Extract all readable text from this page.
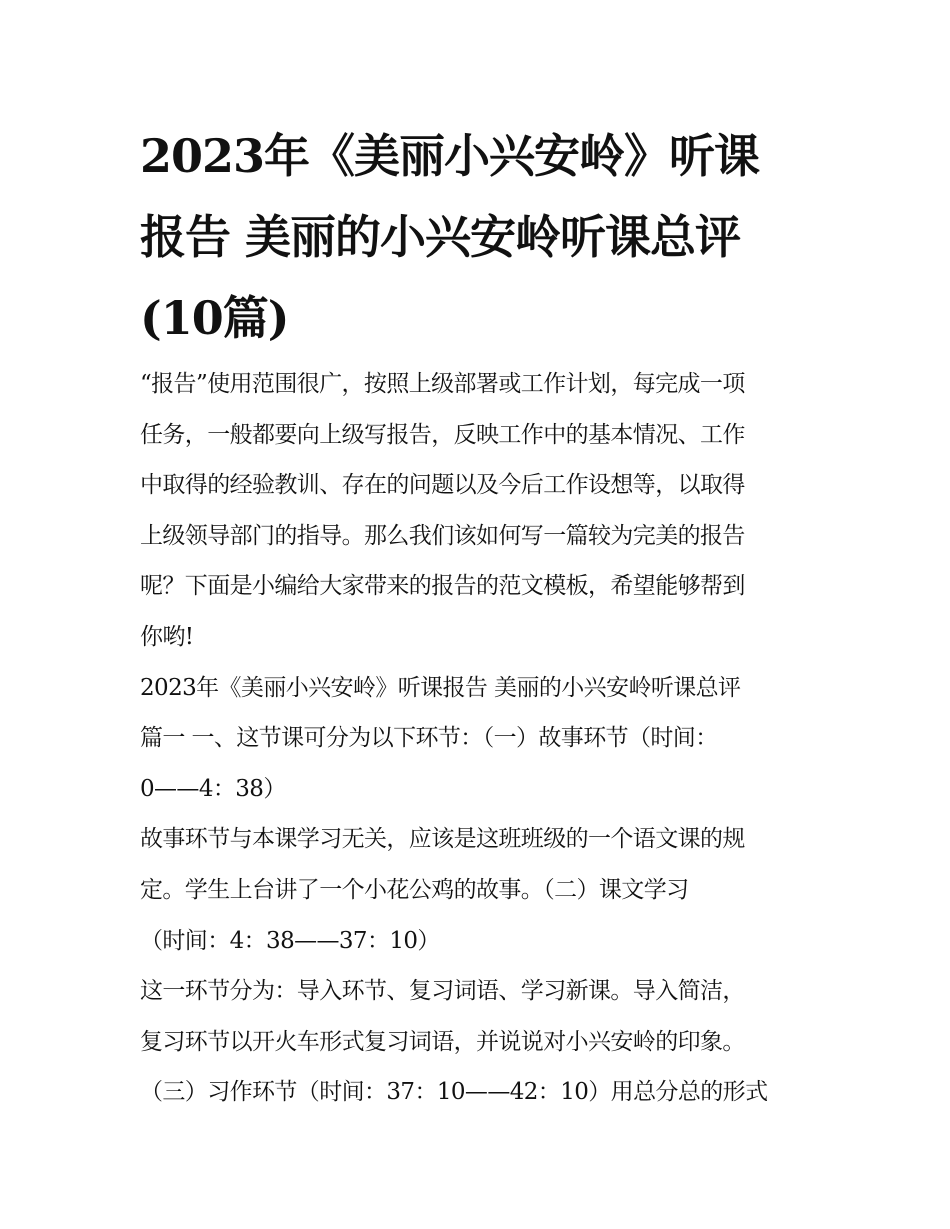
2023年《美丽小兴安岭》听课
报告 美丽的小兴安岭听课总评
(10篇)
“报告”使用范围很广，按照上级部署或工作计划，每完成一项
任务，一般都要向上级写报告，反映工作中的基本情况、工作
中取得的经验教训、存在的问题以及今后工作设想等，以取得
上级领导部门的指导。那么我们该如何写一篇较为完美的报告
呢？下面是小编给大家带来的报告的范文模板，希望能够帮到
你哟!
2023年《美丽小兴安岭》听课报告 美丽的小兴安岭听课总评
篇一 一、这节课可分为以下环节：（一）故事环节（时间：
0——4：38）
故事环节与本课学习无关，应该是这班班级的一个语文课的规
定。学生上台讲了一个小花公鸡的故事。（二）课文学习
（时间：4：38——37：10）
这一环节分为：导入环节、复习词语、学习新课。导入简洁，
复习环节以开火车形式复习词语，并说说对小兴安岭的印象。
（三）习作环节（时间：37：10——42：10）用总分总的形式
